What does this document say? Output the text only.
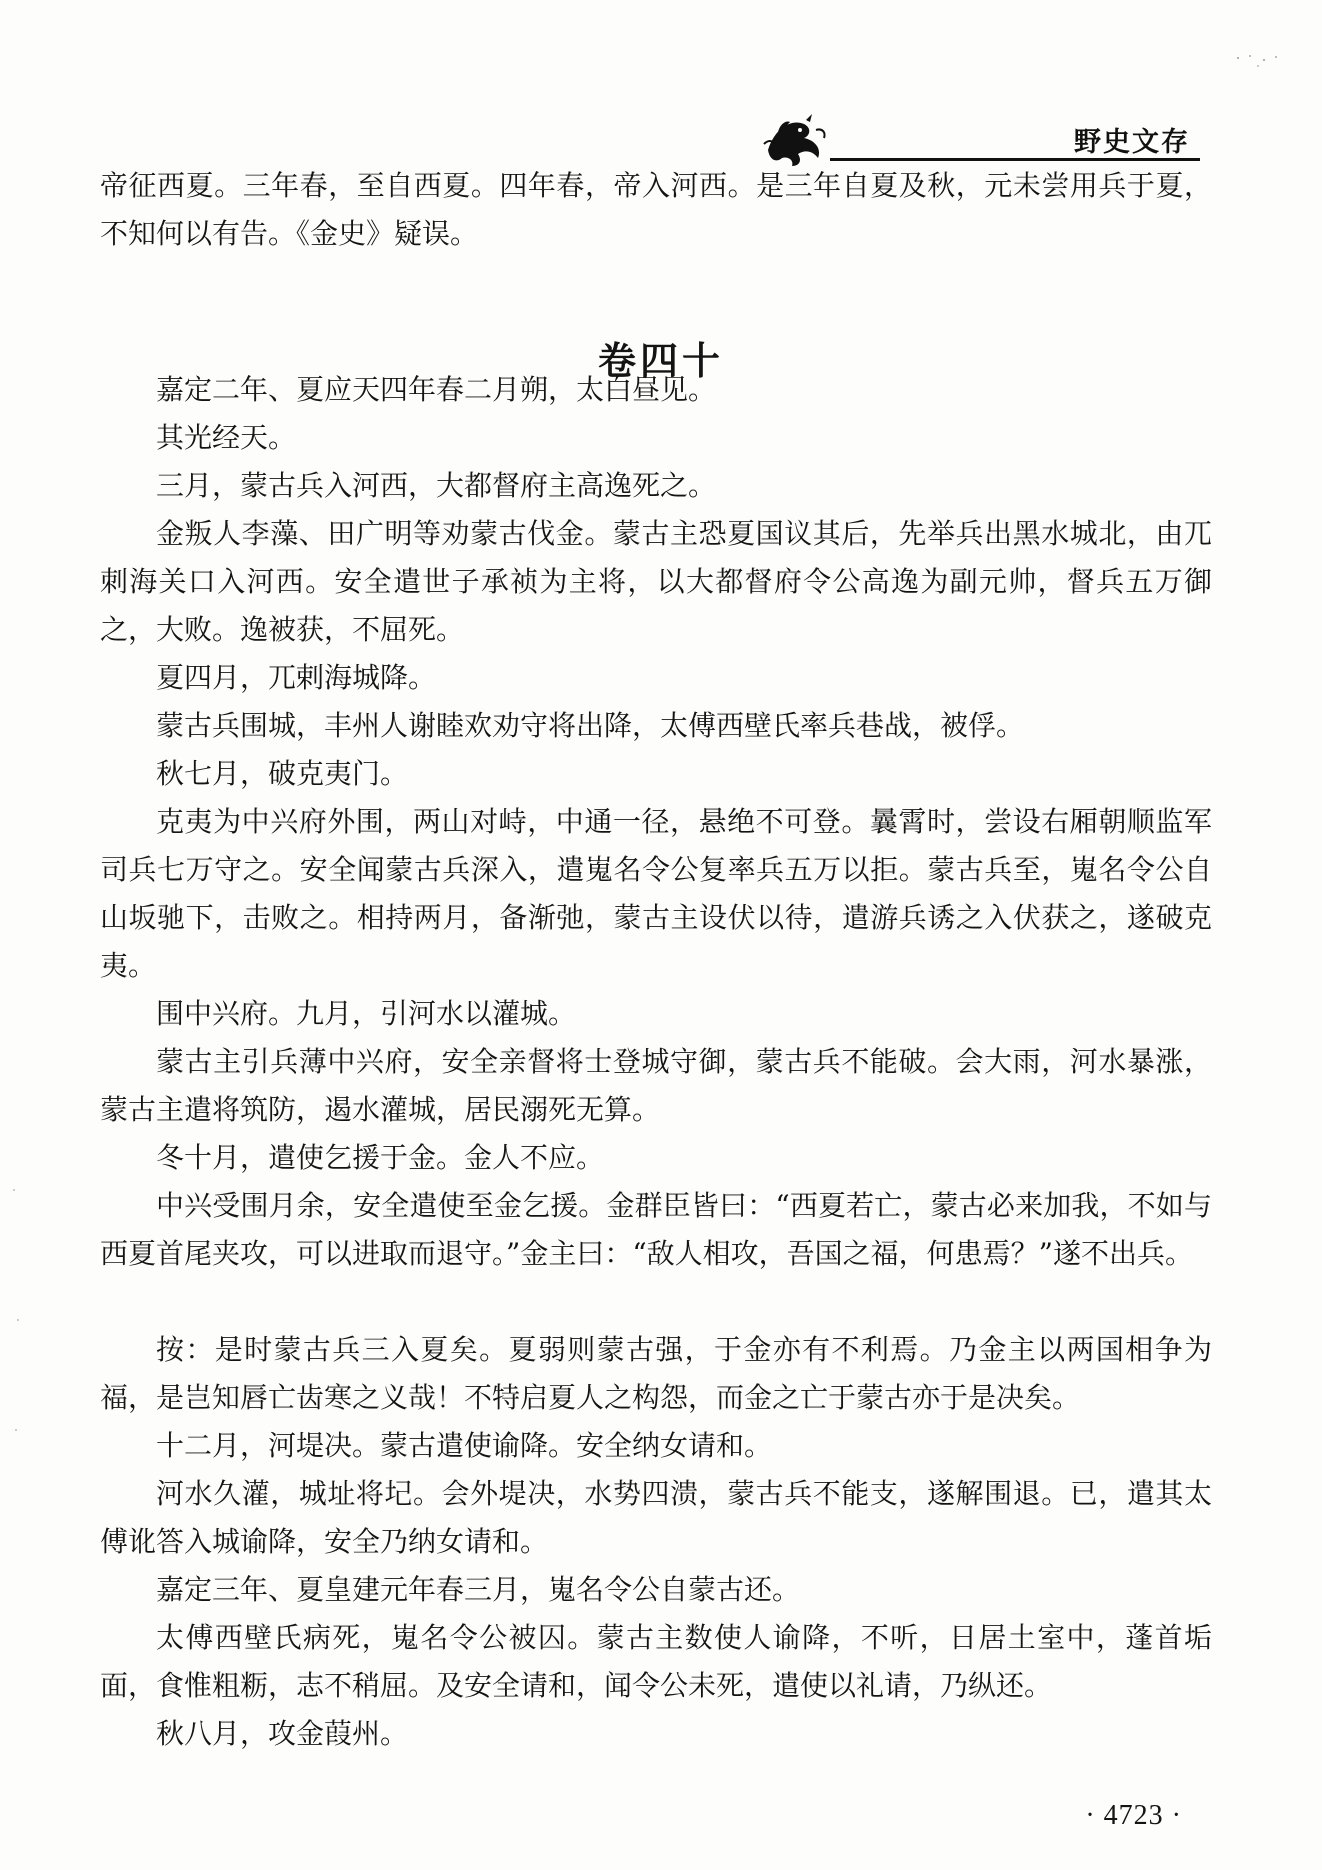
野史文存
卷四十
帝征西夏。三年春，至自西夏。四年春，帝入河西。是三年自夏及秋，元未尝用兵于夏，不知何以有告。《金史》疑误。
嘉定二年、夏应天四年春二月朔，太白昼见。
其光经天。
三月，蒙古兵入河西，大都督府主高逸死之。
金叛人李藻、田广明等劝蒙古伐金。蒙古主恐夏国议其后，先举兵出黑水城北，由兀刺海关口入河西。安全遣世子承祯为主将，以大都督府令公高逸为副元帅，督兵五万御之，大败。逸被获，不屈死。
夏四月，兀剌海城降。
蒙古兵围城，丰州人谢睦欢劝守将出降，太傅西壁氏率兵巷战，被俘。
秋七月，破克夷门。
克夷为中兴府外围，两山对峙，中通一径，悬绝不可登。曩霄时，尝设右厢朝顺监军司兵七万守之。安全闻蒙古兵深入，遣嵬名令公复率兵五万以拒。蒙古兵至，嵬名令公自山坂驰下，击败之。相持两月，备渐弛，蒙古主设伏以待，遣游兵诱之入伏获之，遂破克夷。
围中兴府。九月，引河水以灌城。
蒙古主引兵薄中兴府，安全亲督将士登城守御，蒙古兵不能破。会大雨，河水暴涨，蒙古主遣将筑防，遏水灌城，居民溺死无算。
冬十月，遣使乞援于金。金人不应。
中兴受围月余，安全遣使至金乞援。金群臣皆曰：“西夏若亡，蒙古必来加我，不如与西夏首尾夹攻，可以进取而退守。”金主曰：“敌人相攻，吾国之福，何患焉？”遂不出兵。
按：是时蒙古兵三入夏矣。夏弱则蒙古强，于金亦有不利焉。乃金主以两国相争为福，是岂知唇亡齿寒之义哉！不特启夏人之构怨，而金之亡于蒙古亦于是决矣。
十二月，河堤决。蒙古遣使谕降。安全纳女请和。
河水久灌，城址将圮。会外堤决，水势四溃，蒙古兵不能支，遂解围退。已，遣其太傅讹答入城谕降，安全乃纳女请和。
嘉定三年、夏皇建元年春三月，嵬名令公自蒙古还。
太傅西壁氏病死，嵬名令公被囚。蒙古主数使人谕降，不听，日居土室中，蓬首垢面，食惟粗粝，志不稍屈。及安全请和，闻令公未死，遣使以礼请，乃纵还。
秋八月，攻金葭州。
· 4723 ·
